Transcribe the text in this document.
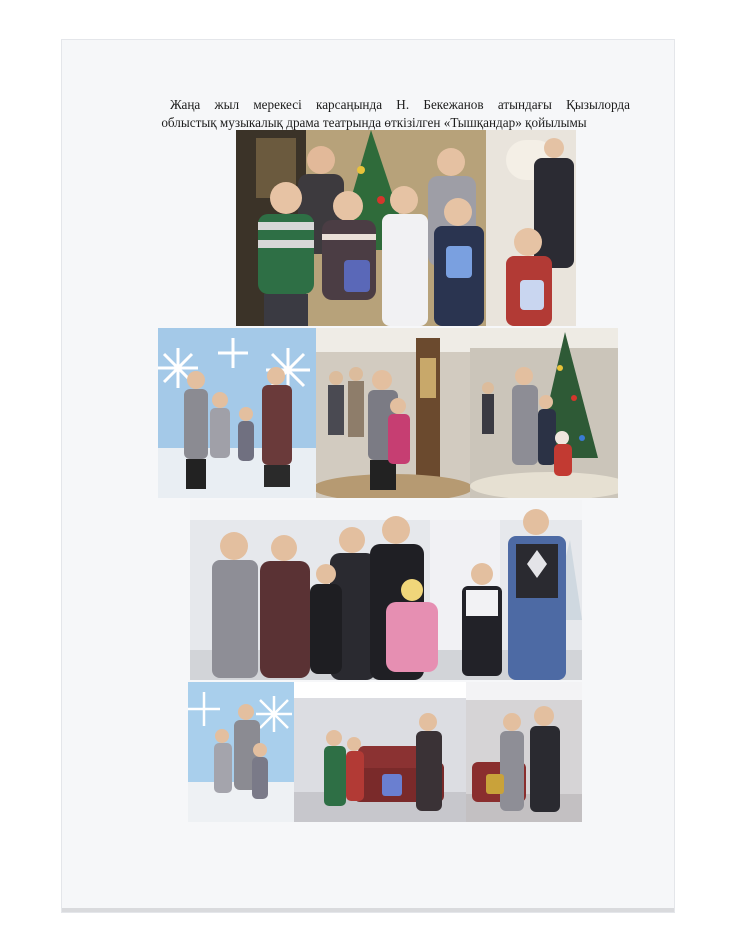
Жаңа жыл мерекесі карсаңында Н. Бекежанов атындағы Қызылорда
облыстық музыкалық драма театрында өткізілген «Тышқандар» қойылымы
